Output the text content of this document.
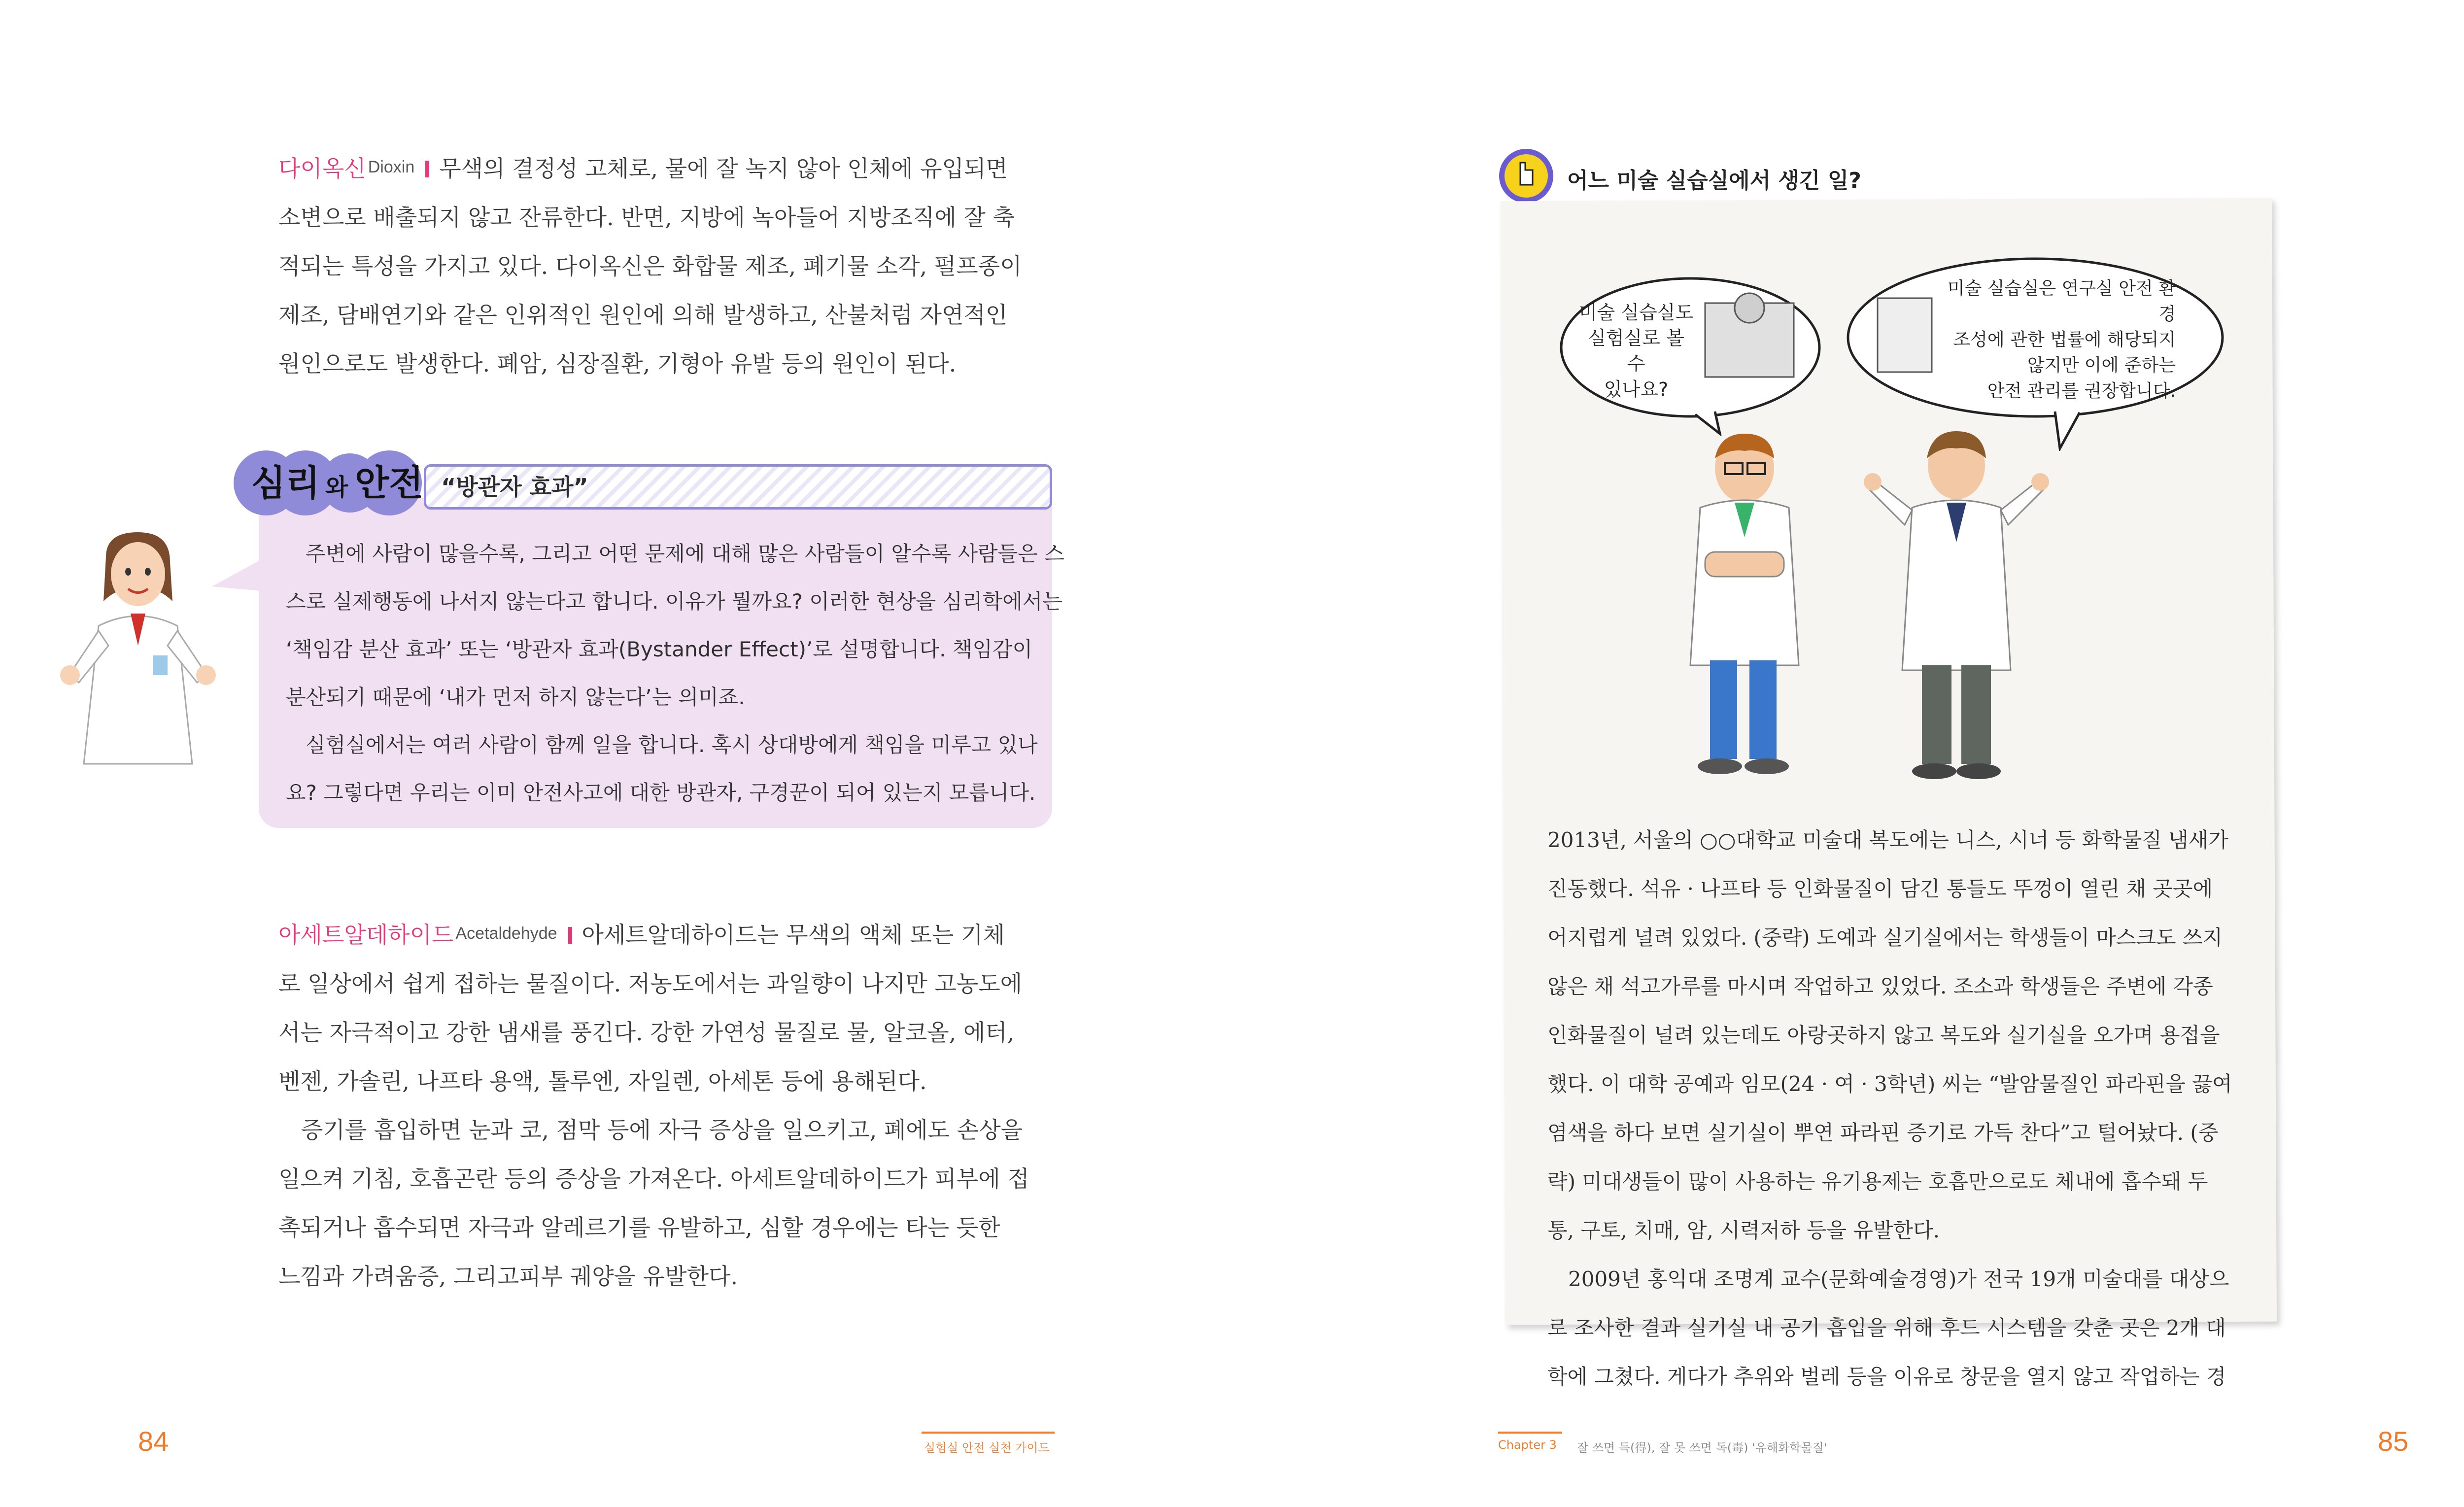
다이옥신 Dioxin 무색의 결정성 고체로, 물에 잘 녹지 않아 인체에 유입되면
소변으로 배출되지 않고 잔류한다. 반면, 지방에 녹아들어 지방조직에 잘 축
적되는 특성을 가지고 있다. 다이옥신은 화합물 제조, 폐기물 소각, 펄프종이
제조, 담배연기와 같은 인위적인 원인에 의해 발생하고, 산불처럼 자연적인
원인으로도 발생한다. 폐암, 심장질환, 기형아 유발 등의 원인이 된다.
“방관자 효과”
심리 와 안전
주변에 사람이 많을수록, 그리고 어떤 문제에 대해 많은 사람들이 알수록 사람들은 스
스로 실제행동에 나서지 않는다고 합니다. 이유가 뭘까요? 이러한 현상을 심리학에서는
‘책임감 분산 효과’ 또는 ‘방관자 효과(Bystander Effect)’로 설명합니다. 책임감이
분산되기 때문에 ‘내가 먼저 하지 않는다’는 의미죠.
실험실에서는 여러 사람이 함께 일을 합니다. 혹시 상대방에게 책임을 미루고 있나
요? 그렇다면 우리는 이미 안전사고에 대한 방관자, 구경꾼이 되어 있는지 모릅니다.
아세트알데하이드 Acetaldehyde 아세트알데하이드는 무색의 액체 또는 기체
로 일상에서 쉽게 접하는 물질이다. 저농도에서는 과일향이 나지만 고농도에
서는 자극적이고 강한 냄새를 풍긴다. 강한 가연성 물질로 물, 알코올, 에터,
벤젠, 가솔린, 나프타 용액, 톨루엔, 자일렌, 아세톤 등에 용해된다.
증기를 흡입하면 눈과 코, 점막 등에 자극 증상을 일으키고, 폐에도 손상을
일으켜 기침, 호흡곤란 등의 증상을 가져온다. 아세트알데하이드가 피부에 접
촉되거나 흡수되면 자극과 알레르기를 유발하고, 심할 경우에는 타는 듯한
느낌과 가려움증, 그리고피부 궤양을 유발한다.
84	실험실 안전 실천 가이드
어느 미술 실습실에서 생긴 일?
미술 실습실도
실험실로 볼 수
있나요?
미술 실습실은 연구실 안전 환경
조성에 관한 법률에 해당되지
않지만 이에 준하는
안전 관리를 권장합니다.
2013년, 서울의 ○○대학교 미술대 복도에는 니스, 시너 등 화학물질 냄새가
진동했다. 석유 · 나프타 등 인화물질이 담긴 통들도 뚜껑이 열린 채 곳곳에
어지럽게 널려 있었다. (중략) 도예과 실기실에서는 학생들이 마스크도 쓰지
않은 채 석고가루를 마시며 작업하고 있었다. 조소과 학생들은 주변에 각종
인화물질이 널려 있는데도 아랑곳하지 않고 복도와 실기실을 오가며 용접을
했다. 이 대학 공예과 임모(24 · 여 · 3학년) 씨는 “발암물질인 파라핀을 끓여
염색을 하다 보면 실기실이 뿌연 파라핀 증기로 가득 찬다”고 털어놨다. (중
략) 미대생들이 많이 사용하는 유기용제는 호흡만으로도 체내에 흡수돼 두
통, 구토, 치매, 암, 시력저하 등을 유발한다.
2009년 홍익대 조명계 교수(문화예술경영)가 전국 19개 미술대를 대상으
로 조사한 결과 실기실 내 공기 흡입을 위해 후드 시스템을 갖춘 곳은 2개 대
학에 그쳤다. 게다가 추위와 벌레 등을 이유로 창문을 열지 않고 작업하는 경
Chapter 3 잘 쓰면 득(得), 잘 못 쓰면 독(毒) '유해화학물질'	85
